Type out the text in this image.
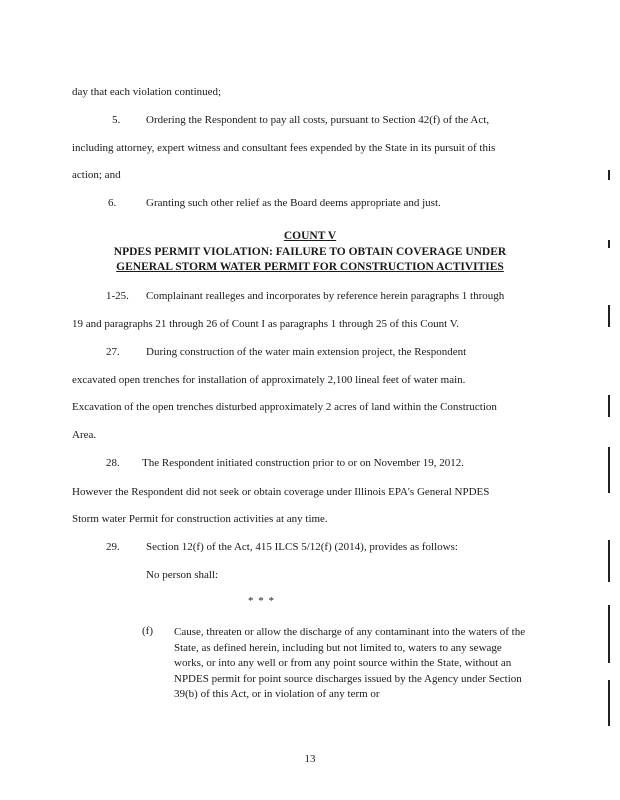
day that each violation continued;
5. Ordering the Respondent to pay all costs, pursuant to Section 42(f) of the Act,
including attorney, expert witness and consultant fees expended by the State in its pursuit of this
action; and
6.	Granting such other relief as the Board deems appropriate and just.
COUNT V
NPDES PERMIT VIOLATION: FAILURE TO OBTAIN COVERAGE UNDER
GENERAL STORM WATER PERMIT FOR CONSTRUCTION ACTIVITIES
1-25. Complainant realleges and incorporates by reference herein paragraphs 1 through
19 and paragraphs 21 through 26 of Count I as paragraphs 1 through 25 of this Count V.
27. During construction of the water main extension project, the Respondent
excavated open trenches for installation of approximately 2,100 lineal feet of water main.
Excavation of the open trenches disturbed approximately 2 acres of land within the Construction
Area.
28. The Respondent initiated construction prior to or on November 19, 2012.
However the Respondent did not seek or obtain coverage under Illinois EPA's General NPDES
Storm water Permit for construction activities at any time.
29. Section 12(f) of the Act, 415 ILCS 5/12(f) (2014), provides as follows:
No person shall:
* * *
(f) Cause, threaten or allow the discharge of any contaminant into the waters of the State, as defined herein, including but not limited to, waters to any sewage works, or into any well or from any point source within the State, without an NPDES permit for point source discharges issued by the Agency under Section 39(b) of this Act, or in violation of any term or
13
